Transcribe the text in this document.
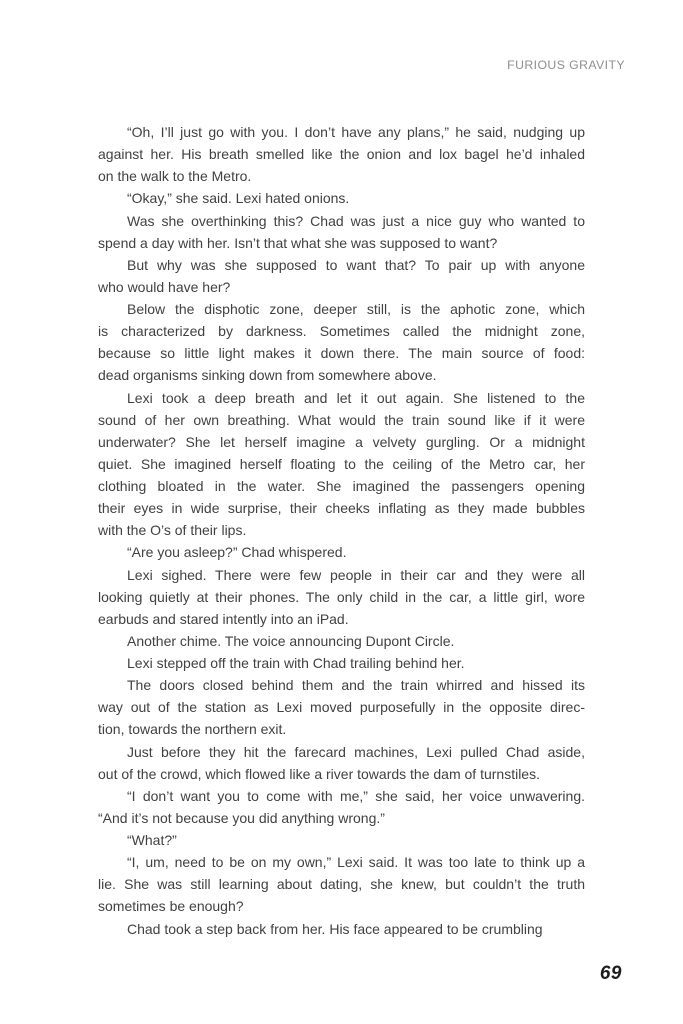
FURIOUS GRAVITY
“Oh, I’ll just go with you. I don’t have any plans,” he said, nudging up
against her. His breath smelled like the onion and lox bagel he’d inhaled
on the walk to the Metro.
“Okay,” she said. Lexi hated onions.
Was she overthinking this? Chad was just a nice guy who wanted to
spend a day with her. Isn’t that what she was supposed to want?
But why was she supposed to want that? To pair up with anyone
who would have her?
Below the disphotic zone, deeper still, is the aphotic zone, which
is characterized by darkness. Sometimes called the midnight zone,
because so little light makes it down there. The main source of food:
dead organisms sinking down from somewhere above.
Lexi took a deep breath and let it out again. She listened to the
sound of her own breathing. What would the train sound like if it were
underwater? She let herself imagine a velvety gurgling. Or a midnight
quiet. She imagined herself floating to the ceiling of the Metro car, her
clothing bloated in the water. She imagined the passengers opening
their eyes in wide surprise, their cheeks inflating as they made bubbles
with the O’s of their lips.
“Are you asleep?” Chad whispered.
Lexi sighed. There were few people in their car and they were all
looking quietly at their phones. The only child in the car, a little girl, wore
earbuds and stared intently into an iPad.
Another chime. The voice announcing Dupont Circle.
Lexi stepped off the train with Chad trailing behind her.
The doors closed behind them and the train whirred and hissed its
way out of the station as Lexi moved purposefully in the opposite direc-
tion, towards the northern exit.
Just before they hit the farecard machines, Lexi pulled Chad aside,
out of the crowd, which flowed like a river towards the dam of turnstiles.
“I don’t want you to come with me,” she said, her voice unwavering.
“And it’s not because you did anything wrong.”
“What?”
“I, um, need to be on my own,” Lexi said. It was too late to think up a
lie. She was still learning about dating, she knew, but couldn’t the truth
sometimes be enough?
Chad took a step back from her. His face appeared to be crumbling
69
